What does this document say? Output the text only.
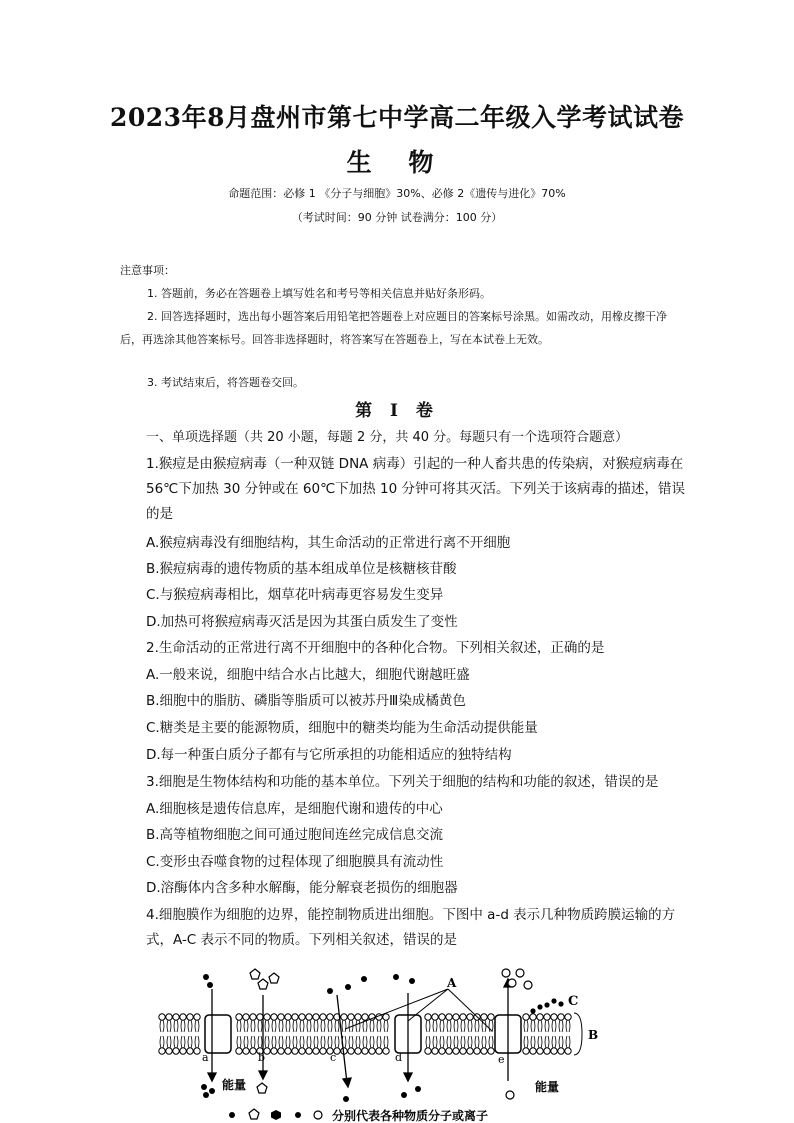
2023年8月盘州市第七中学高二年级入学考试试卷
生 物
命题范围：必修 1 《分子与细胞》30%、必修 2《遗传与进化》70%
（考试时间：90 分钟 试卷满分：100 分）
注意事项：
1. 答题前，务必在答题卷上填写姓名和考号等相关信息并贴好条形码。
2. 回答选择题时，选出每小题答案后用铅笔把答题卷上对应题目的答案标号涂黑。如需改动，用橡皮擦干净后，再选涂其他答案标号。回答非选择题时，将答案写在答题卷上，写在本试卷上无效。
3. 考试结束后，将答题卷交回。
第 Ⅰ 卷
一、单项选择题（共 20 小题，每题 2 分，共 40 分。每题只有一个选项符合题意）
1.猴痘是由猴痘病毒（一种双链 DNA 病毒）引起的一种人畜共患的传染病，对猴痘病毒在 56℃下加热 30 分钟或在 60℃下加热 10 分钟可将其灭活。下列关于该病毒的描述，错误的是
A.猴痘病毒没有细胞结构，其生命活动的正常进行离不开细胞
B.猴痘病毒的遗传物质的基本组成单位是核糖核苷酸
C.与猴痘病毒相比，烟草花叶病毒更容易发生变异
D.加热可将猴痘病毒灭活是因为其蛋白质发生了变性
2.生命活动的正常进行离不开细胞中的各种化合物。下列相关叙述，正确的是
A.一般来说，细胞中结合水占比越大，细胞代谢越旺盛
B.细胞中的脂肪、磷脂等脂质可以被苏丹Ⅲ染成橘黄色
C.糖类是主要的能源物质，细胞中的糖类均能为生命活动提供能量
D.每一种蛋白质分子都有与它所承担的功能相适应的独特结构
3.细胞是生物体结构和功能的基本单位。下列关于细胞的结构和功能的叙述，错误的是
A.细胞核是遗传信息库，是细胞代谢和遗传的中心
B.高等植物细胞之间可通过胞间连丝完成信息交流
C.变形虫吞噬食物的过程体现了细胞膜具有流动性
D.溶酶体内含多种水解酶，能分解衰老损伤的细胞器
4.细胞膜作为细胞的边界，能控制物质进出细胞。下图中 a-d 表示几种物质跨膜运输的方式，A-C 表示不同的物质。下列相关叙述，错误的是
A
B
C
a	b	c	d	e
能量	能量
分别代表各种物质分子或离子
